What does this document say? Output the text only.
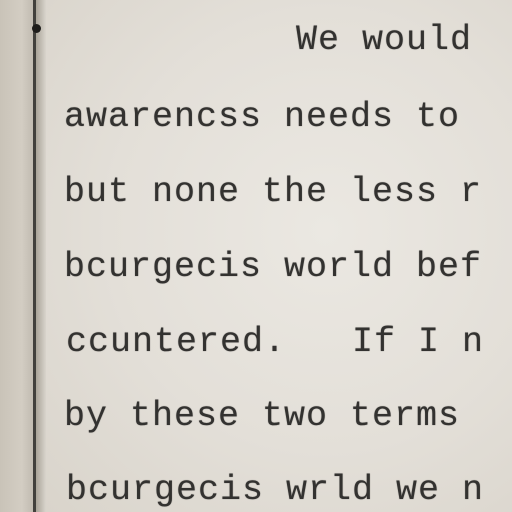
We would
awarencss needs to
but none the less r
bcurgecis world bef
ccuntered.   If I n
by these two terms
bcurgecis wrld we n
